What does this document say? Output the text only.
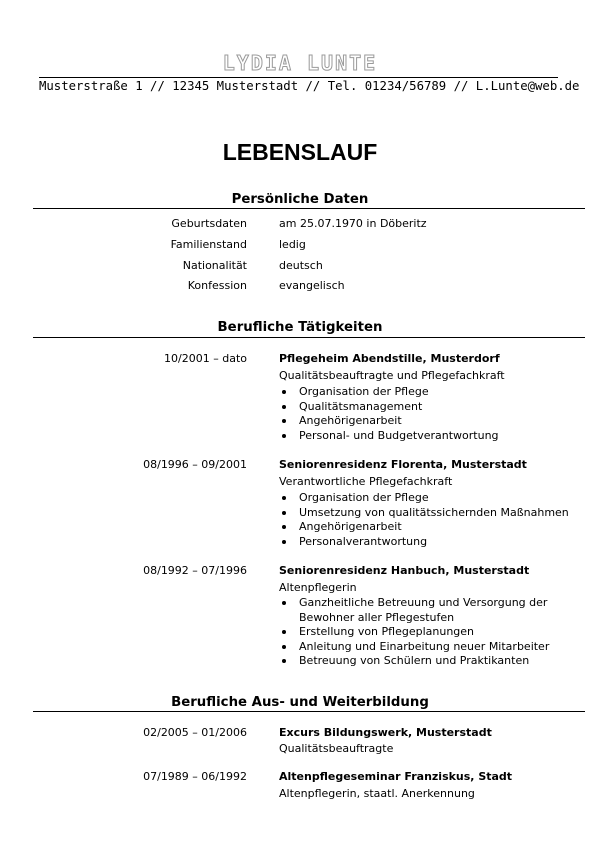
LYDIA LUNTE
Musterstraße 1 // 12345 Musterstadt // Tel. 01234/56789 // L.Lunte@web.de
LEBENSLAUF
Persönliche Daten
Geburtsdaten	am 25.07.1970 in Döberitz
Familienstand	ledig
Nationalität	deutsch
Konfession	evangelisch
Berufliche Tätigkeiten
10/2001 – dato	Pflegeheim Abendstille, Musterdorf
Qualitätsbeauftragte und Pflegefachkraft
Organisation der Pflege
Qualitätsmanagement
Angehörigenarbeit
Personal- und Budgetverantwortung
08/1996 – 09/2001	Seniorenresidenz Florenta, Musterstadt
Verantwortliche Pflegefachkraft
Organisation der Pflege
Umsetzung von qualitätssichernden Maßnahmen
Angehörigenarbeit
Personalverantwortung
08/1992 – 07/1996	Seniorenresidenz Hanbuch, Musterstadt
Altenpflegerin
Ganzheitliche Betreuung und Versorgung der Bewohner aller Pflegestufen
Erstellung von Pflegeplanungen
Anleitung und Einarbeitung neuer Mitarbeiter
Betreuung von Schülern und Praktikanten
Berufliche Aus- und Weiterbildung
02/2005 – 01/2006	Excurs Bildungswerk, Musterstadt
Qualitätsbeauftragte
07/1989 – 06/1992	Altenpflegeseminar Franziskus, Stadt
Altenpflegerin, staatl. Anerkennung
